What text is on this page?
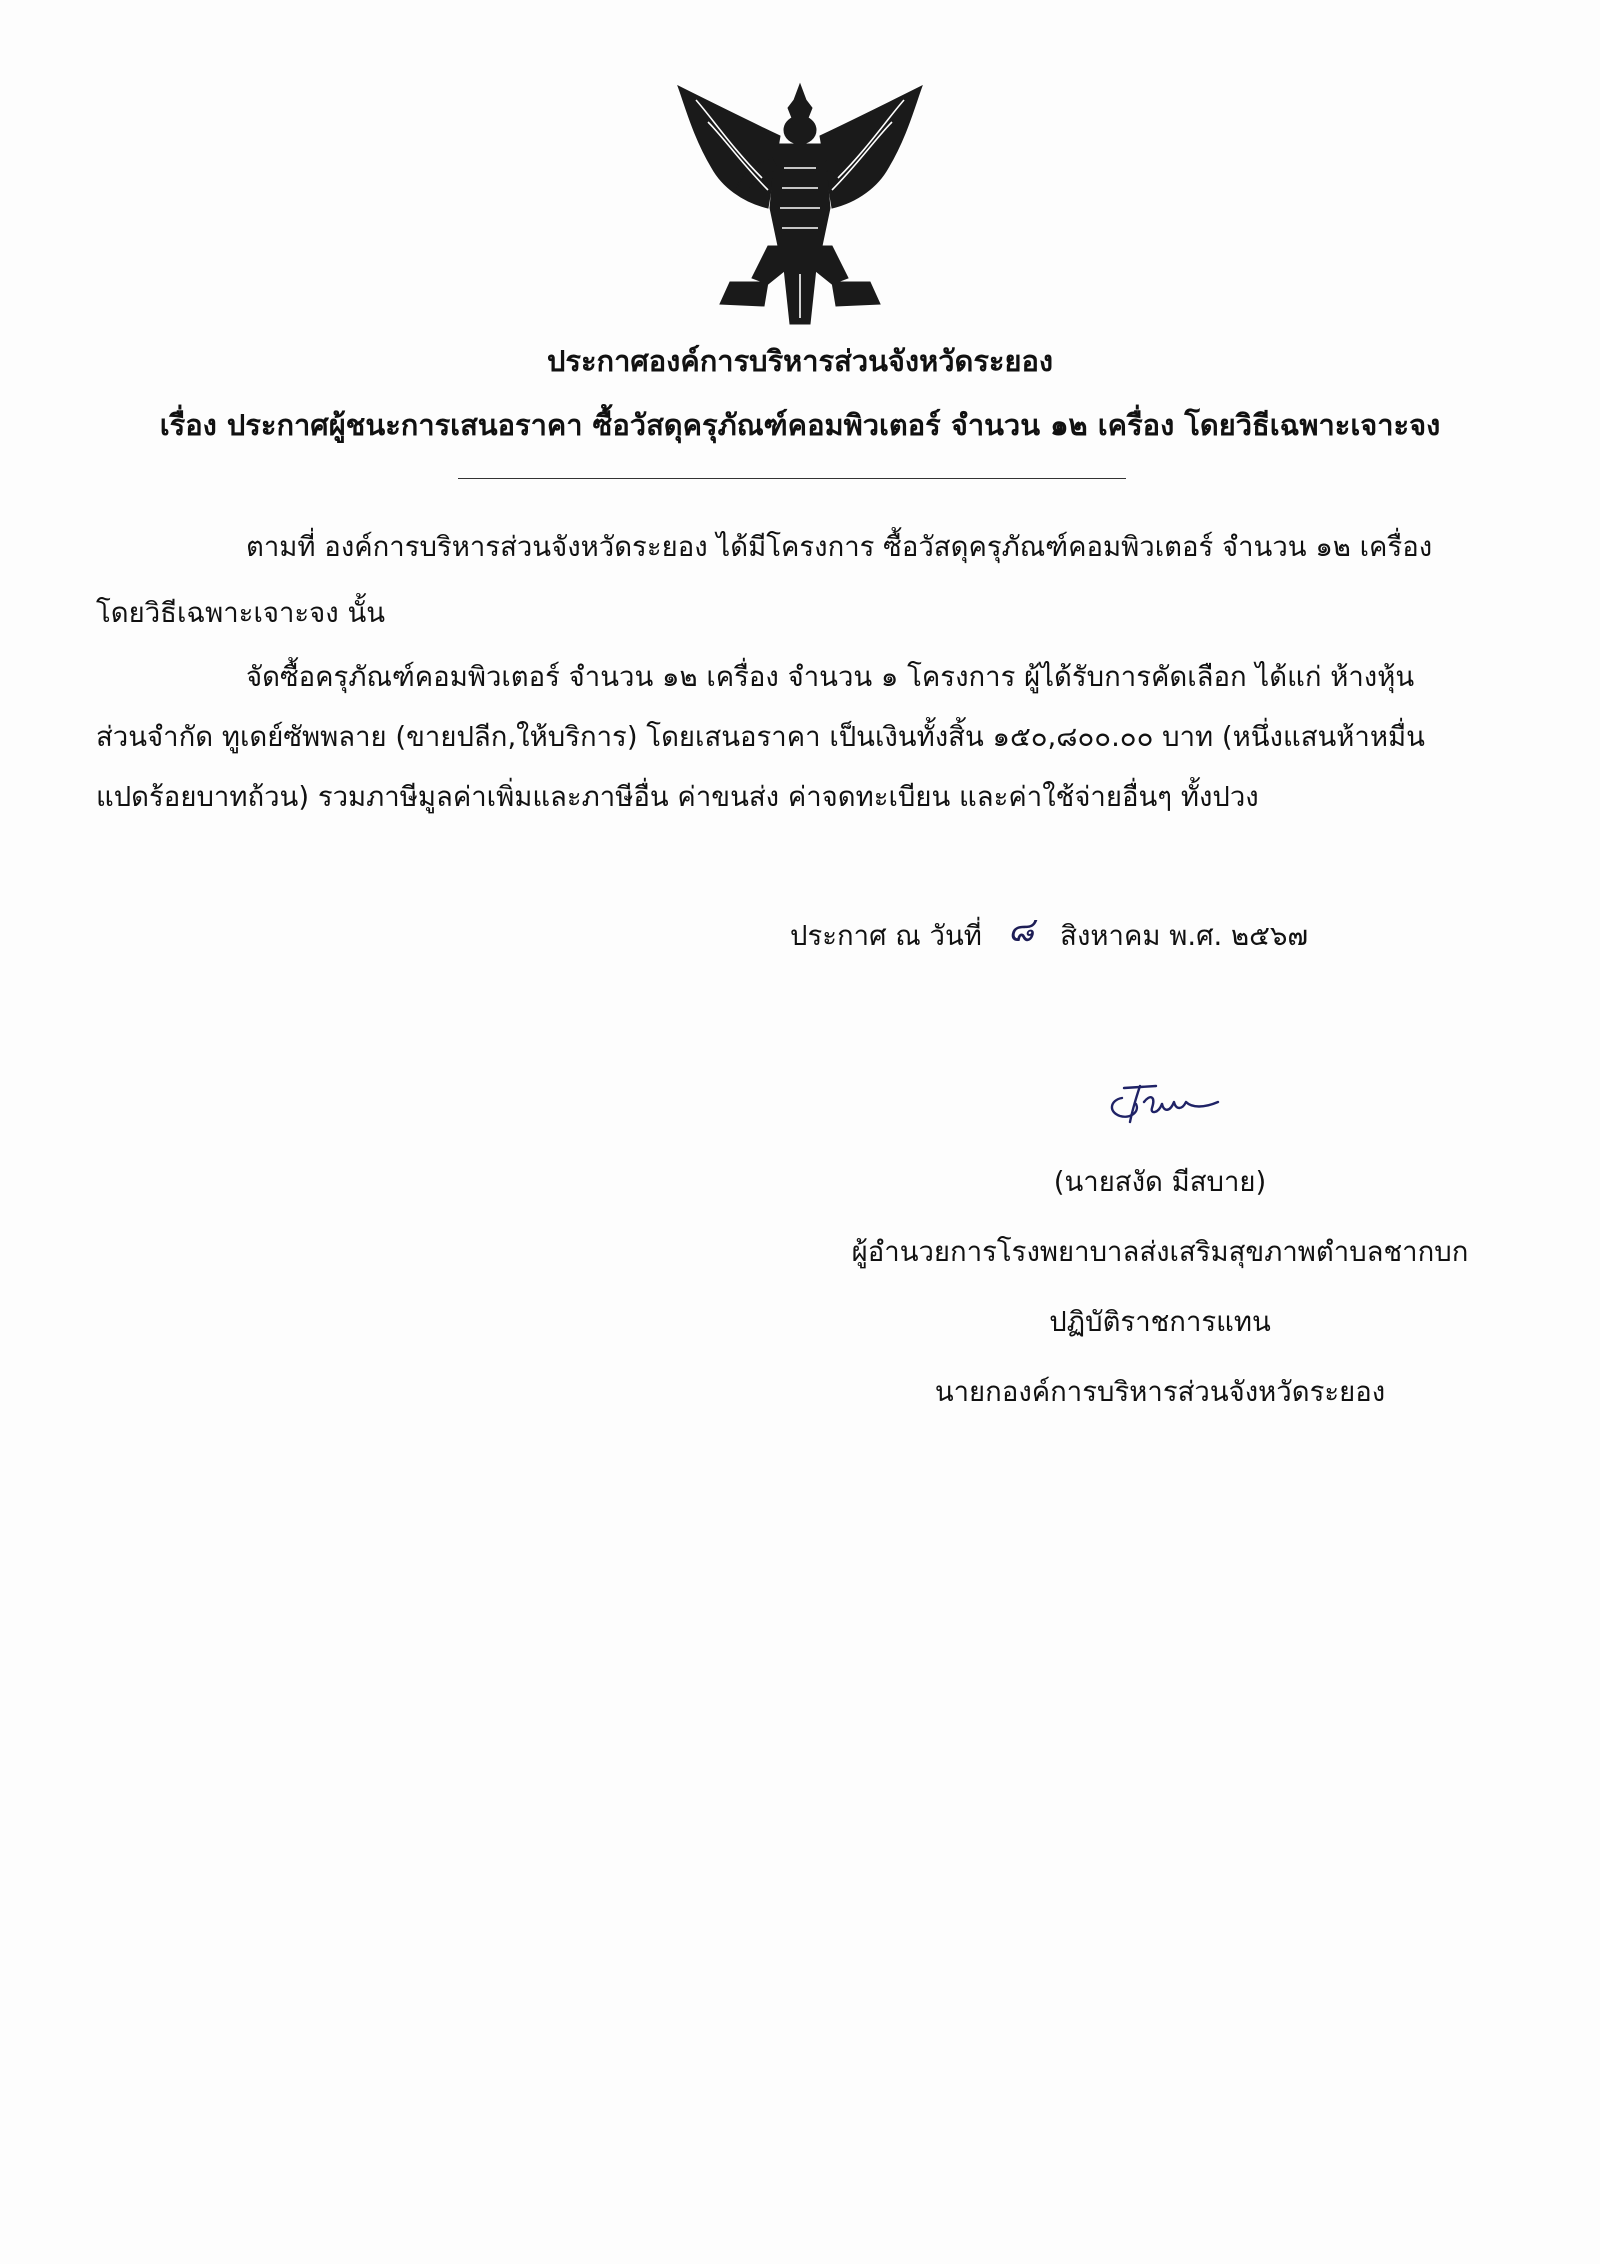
ประกาศองค์การบริหารส่วนจังหวัดระยอง
เรื่อง ประกาศผู้ชนะการเสนอราคา ซื้อวัสดุครุภัณฑ์คอมพิวเตอร์ จำนวน ๑๒ เครื่อง โดยวิธีเฉพาะเจาะจง
ตามที่ องค์การบริหารส่วนจังหวัดระยอง ได้มีโครงการ ซื้อวัสดุครุภัณฑ์คอมพิวเตอร์ จำนวน ๑๒ เครื่อง
โดยวิธีเฉพาะเจาะจง นั้น
จัดซื้อครุภัณฑ์คอมพิวเตอร์ จำนวน ๑๒ เครื่อง จำนวน ๑ โครงการ ผู้ได้รับการคัดเลือก ได้แก่ ห้างหุ้น
ส่วนจำกัด ทูเดย์ซัพพลาย (ขายปลีก,ให้บริการ) โดยเสนอราคา เป็นเงินทั้งสิ้น ๑๕๐,๘๐๐.๐๐ บาท (หนึ่งแสนห้าหมื่น
แปดร้อยบาทถ้วน) รวมภาษีมูลค่าเพิ่มและภาษีอื่น ค่าขนส่ง ค่าจดทะเบียน และค่าใช้จ่ายอื่นๆ ทั้งปวง
ประกาศ ณ วันที่ ๘ สิงหาคม พ.ศ. ๒๕๖๗
(นายสงัด มีสบาย)
ผู้อำนวยการโรงพยาบาลส่งเสริมสุขภาพตำบลชากบก
ปฏิบัติราชการแทน
นายกองค์การบริหารส่วนจังหวัดระยอง
